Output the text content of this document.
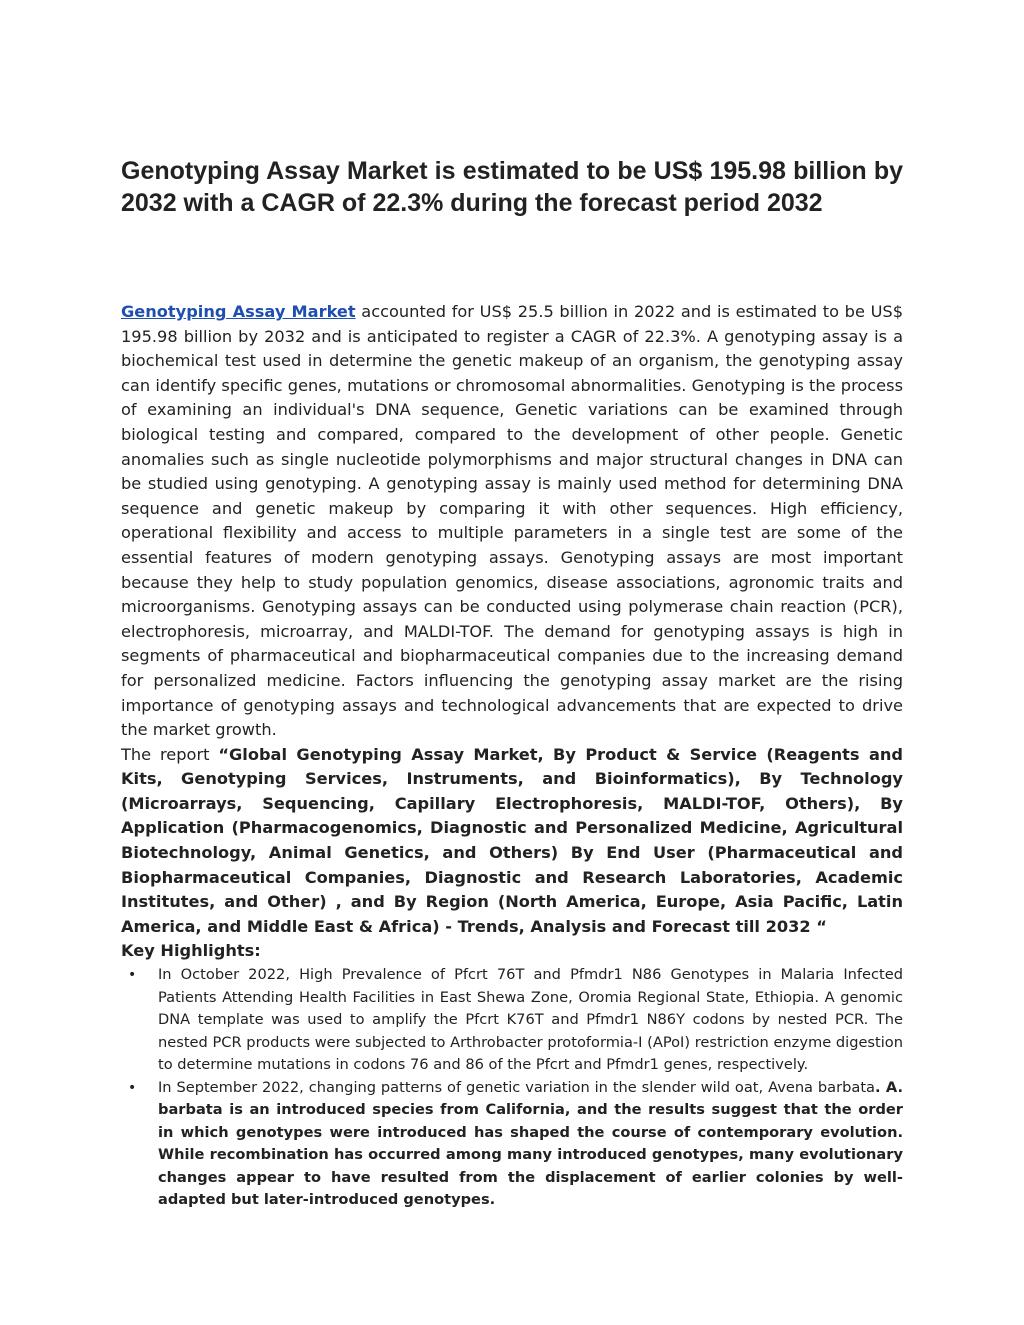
Genotyping Assay Market is estimated to be US$ 195.98 billion by 2032 with a CAGR of 22.3% during the forecast period 2032

Genotyping Assay Market accounted for US$ 25.5 billion in 2022 and is estimated to be US$ 195.98 billion by 2032 and is anticipated to register a CAGR of 22.3%. A genotyping assay is a biochemical test used in determine the genetic makeup of an organism, the genotyping assay can identify specific genes, mutations or chromosomal abnormalities. Genotyping is the process of examining an individual's DNA sequence, Genetic variations can be examined through biological testing and compared, compared to the development of other people. Genetic anomalies such as single nucleotide polymorphisms and major structural changes in DNA can be studied using genotyping. A genotyping assay is mainly used method for determining DNA sequence and genetic makeup by comparing it with other sequences. High efficiency, operational flexibility and access to multiple parameters in a single test are some of the essential features of modern genotyping assays. Genotyping assays are most important because they help to study population genomics, disease associations, agronomic traits and microorganisms. Genotyping assays can be conducted using polymerase chain reaction (PCR), electrophoresis, microarray, and MALDI-TOF. The demand for genotyping assays is high in segments of pharmaceutical and biopharmaceutical companies due to the increasing demand for personalized medicine. Factors influencing the genotyping assay market are the rising importance of genotyping assays and technological advancements that are expected to drive the market growth.

The report “Global Genotyping Assay Market, By Product & Service (Reagents and Kits, Genotyping Services, Instruments, and Bioinformatics), By Technology (Microarrays, Sequencing, Capillary Electrophoresis, MALDI-TOF, Others), By Application (Pharmacogenomics, Diagnostic and Personalized Medicine, Agricultural Biotechnology, Animal Genetics, and Others) By End User (Pharmaceutical and Biopharmaceutical Companies, Diagnostic and Research Laboratories, Academic Institutes, and Other) , and By Region (North America, Europe, Asia Pacific, Latin America, and Middle East & Africa) - Trends, Analysis and Forecast till 2032 “

Key Highlights:

• In October 2022, High Prevalence of Pfcrt 76T and Pfmdr1 N86 Genotypes in Malaria Infected Patients Attending Health Facilities in East Shewa Zone, Oromia Regional State, Ethiopia. A genomic DNA template was used to amplify the Pfcrt K76T and Pfmdr1 N86Y codons by nested PCR. The nested PCR products were subjected to Arthrobacter protoformia-I (APoI) restriction enzyme digestion to determine mutations in codons 76 and 86 of the Pfcrt and Pfmdr1 genes, respectively.
• In September 2022, changing patterns of genetic variation in the slender wild oat, Avena barbata. A. barbata is an introduced species from California, and the results suggest that the order in which genotypes were introduced has shaped the course of contemporary evolution. While recombination has occurred among many introduced genotypes, many evolutionary changes appear to have resulted from the displacement of earlier colonies by well-adapted but later-introduced genotypes.
